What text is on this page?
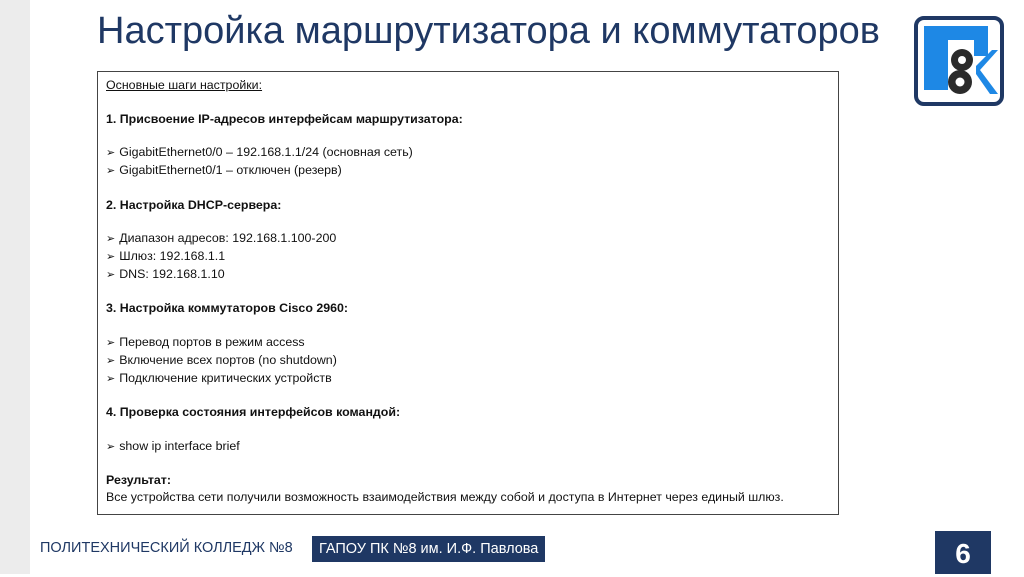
Настройка маршрутизатора и коммутаторов

Основные шаги настройки:

1. Присвоение IP-адресов интерфейсам маршрутизатора:

➢ GigabitEthernet0/0 – 192.168.1.1/24 (основная сеть)

➢ GigabitEthernet0/1 – отключен (резерв)

2. Настройка DHCP-сервера:

➢ Диапазон адресов: 192.168.1.100-200

➢ Шлюз: 192.168.1.1

➢ DNS: 192.168.1.10

3. Настройка коммутаторов Cisco 2960:

➢ Перевод портов в режим access

➢ Включение всех портов (no shutdown)

➢ Подключение критических устройств

4. Проверка состояния интерфейсов командой:

➢ show ip interface brief

Результат:

Все устройства сети получили возможность взаимодействия между собой и доступа в Интернет через единый шлюз.

ПОЛИТЕХНИЧЕСКИЙ КОЛЛЕДЖ №8	ГАПОУ ПК №8 им. И.Ф. Павлова	6
